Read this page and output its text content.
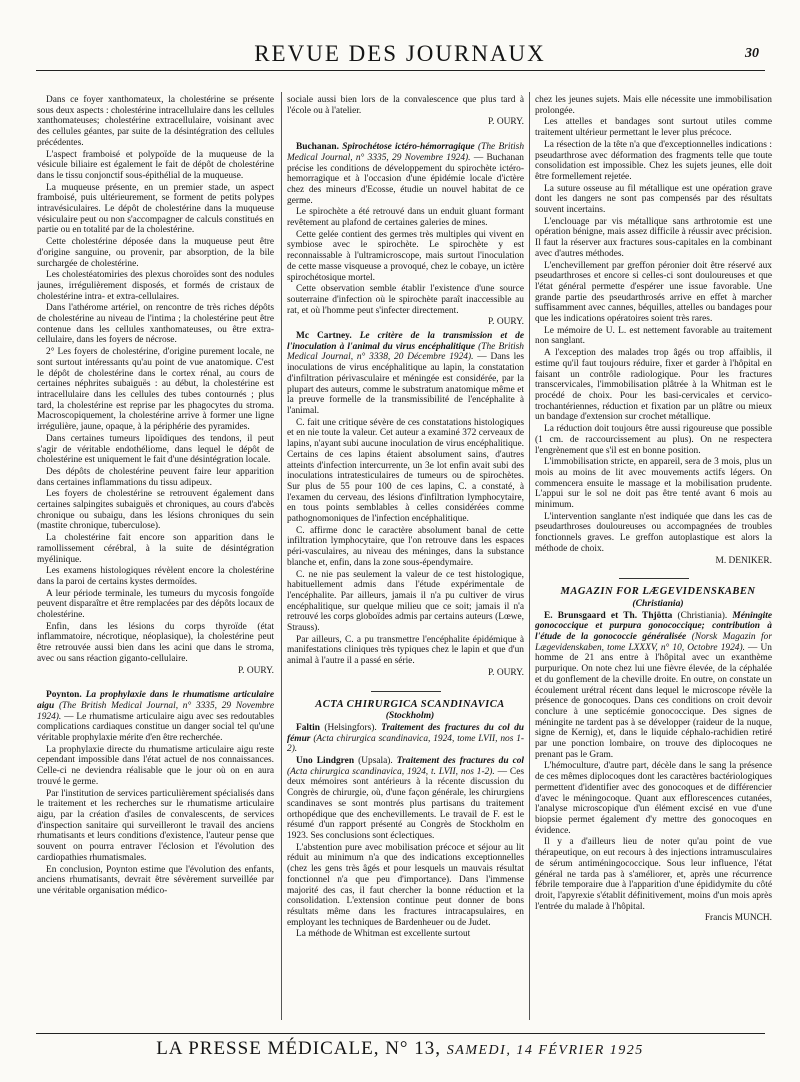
REVUE DES JOURNAUX	30

Dans ce foyer xanthomateux, la cholestérine se présente sous deux aspects : cholestérine intracellulaire dans les cellules xanthomateuses; cholestérine extracellulaire, voisinant avec des cellules géantes, par suite de la désintégration des cellules précédentes.

L'aspect framboisé et polypoïde de la muqueuse de la vésicule biliaire est également le fait de dépôt de cholestérine dans le tissu conjonctif sous-épithélial de la muqueuse.

La muqueuse présente, en un premier stade, un aspect framboisé, puis ultérieurement, se forment de petits polypes intravésiculaires. Le dépôt de cholestérine dans la muqueuse vésiculaire peut ou non s'accompagner de calculs constitués en partie ou en totalité par de la cholestérine.

Cette cholestérine déposée dans la muqueuse peut être d'origine sanguine, ou provenir, par absorption, de la bile surchargée de cholestérine.

Les cholestéatomiries des plexus choroïdes sont des nodules jaunes, irrégulièrement disposés, et formés de cristaux de cholestérine intra- et extra-cellulaires.

Dans l'athérome artériel, on rencontre de très riches dépôts de cholestérine au niveau de l'intima ; la cholestérine peut être contenue dans les cellules xanthomateuses, ou être extra-cellulaire, dans les foyers de nécrose.

2° Les foyers de cholestérine, d'origine purement locale, ne sont surtout intéressants qu'au point de vue anatomique. C'est le dépôt de cholestérine dans le cortex rénal, au cours de certaines néphrites subaiguës : au début, la cholestérine est intracellulaire dans les cellules des tubes contournés ; plus tard, la cholestérine est reprise par les phagocytes du stroma. Macroscopiquement, la cholestérine arrive à former une ligne irrégulière, jaune, opaque, à la périphérie des pyramides.

Dans certaines tumeurs lipoïdiques des tendons, il peut s'agir de véritable endothéliome, dans lequel le dépôt de cholestérine est uniquement le fait d'une désintégration locale.

Des dépôts de cholestérine peuvent faire leur apparition dans certaines inflammations du tissu adipeux.

Les foyers de cholestérine se retrouvent également dans certaines salpingites subaiguës et chroniques, au cours d'abcès chronique ou subaigu, dans les lésions chroniques du sein (mastite chronique, tuberculose).

La cholestérine fait encore son apparition dans le ramollissement cérébral, à la suite de désintégration myélinique.

Les examens histologiques révèlent encore la cholestérine dans la paroi de certains kystes dermoïdes.

A leur période terminale, les tumeurs du mycosis fongoïde peuvent disparaître et être remplacées par des dépôts locaux de cholestérine.

Enfin, dans les lésions du corps thyroïde (état inflammatoire, nécrotique, néoplasique), la cholestérine peut être retrouvée aussi bien dans les acini que dans le stroma, avec ou sans réaction giganto-cellulaire.

P. OURY.

Poynton. La prophylaxie dans le rhumatisme articulaire aigu (The British Medical Journal, n° 3335, 29 Novembre 1924). — Le rhumatisme articulaire aigu avec ses redoutables complications cardiaques constitue un danger social tel qu'une véritable prophylaxie mérite d'en être recherchée.

La prophylaxie directe du rhumatisme articulaire aigu reste cependant impossible dans l'état actuel de nos connaissances. Celle-ci ne deviendra réalisable que le jour où on en aura trouvé le germe.

Par l'institution de services particulièrement spécialisés dans le traitement et les recherches sur le rhumatisme articulaire aigu, par la création d'asiles de convalescents, de services d'inspection sanitaire qui surveilleront le travail des anciens rhumatisants et leurs conditions d'existence, l'auteur pense que souvent on pourra entraver l'éclosion et l'évolution des cardiopathies rhumatismales.

En conclusion, Poynton estime que l'évolution des enfants, anciens rhumatisants, devrait être sévèrement surveillée par une véritable organisation médico-

sociale aussi bien lors de la convalescence que plus tard à l'école ou à l'atelier.

P. OURY.

Buchanan. Spirochétose ictéro-hémorragique (The British Medical Journal, n° 3335, 29 Novembre 1924). — Buchanan précise les conditions de développement du spirochète ictéro-hemorragique et à l'occasion d'une épidémie locale d'ictère chez des mineurs d'Ecosse, étudie un nouvel habitat de ce germe.

Le spirochète a été retrouvé dans un enduit gluant formant revêtement au plafond de certaines galeries de mines.

Cette gelée contient des germes très multiples qui vivent en symbiose avec le spirochète. Le spirochète y est reconnaissable à l'ultramicroscope, mais surtout l'inoculation de cette masse visqueuse a provoqué, chez le cobaye, un ictère spirochétosique mortel.

Cette observation semble établir l'existence d'une source souterraine d'infection où le spirochète paraît inaccessible au rat, et où l'homme peut s'infecter directement.

P. OURY.

Mc Cartney. Le critère de la transmission et de l'inoculation à l'animal du virus encéphalitique (The British Medical Journal, n° 3338, 20 Décembre 1924). — Dans les inoculations de virus encéphalitique au lapin, la constatation d'infiltration périvasculaire et méningée est considérée, par la plupart des auteurs, comme le substratum anatomique même et la preuve formelle de la transmissibilité de l'encéphalite à l'animal.

C. fait une critique sévère de ces constatations histologiques et en nie toute la valeur. Cet auteur a examiné 372 cerveaux de lapins, n'ayant subi aucune inoculation de virus encéphalitique. Certains de ces lapins étaient absolument sains, d'autres atteints d'infection intercurrente, un 3e lot enfin avait subi des inoculations intratesticulaires de tumeurs ou de spirochètes. Sur plus de 55 pour 100 de ces lapins, C. a constaté, à l'examen du cerveau, des lésions d'infiltration lymphocytaire, en tous points semblables à celles considérées comme pathognomoniques de l'infection encéphalitique.

C. affirme donc le caractère absolument banal de cette infiltration lymphocytaire, que l'on retrouve dans les espaces péri-vasculaires, au niveau des méninges, dans la substance blanche et, enfin, dans la zone sous-épendymaire.

C. ne nie pas seulement la valeur de ce test histologique, habituellement admis dans l'étude expérimentale de l'encéphalite. Par ailleurs, jamais il n'a pu cultiver de virus encéphalitique, sur quelque milieu que ce soit; jamais il n'a retrouvé les corps globoïdes admis par certains auteurs (Lœwe, Strauss).

Par ailleurs, C. a pu transmettre l'encéphalite épidémique à manifestations cliniques très typiques chez le lapin et que d'un animal à l'autre il a passé en série.

P. OURY.

ACTA CHIRURGICA SCANDINAVICA

(Stockholm)

Faltin (Helsingfors). Traitement des fractures du col du fémur (Acta chirurgica scandinavica, 1924, tome LVII, nos 1-2).

Uno Lindgren (Upsala). Traitement des fractures du col (Acta chirurgica scandinavica, 1924, t. LVII, nos 1-2). — Ces deux mémoires sont antérieurs à la récente discussion du Congrès de chirurgie, où, d'une façon générale, les chirurgiens scandinaves se sont montrés plus partisans du traitement orthopédique que des enchevillements. Le travail de F. est le résumé d'un rapport présenté au Congrès de Stockholm en 1923. Ses conclusions sont éclectiques.

L'abstention pure avec mobilisation précoce et séjour au lit réduit au minimum n'a que des indications exceptionnelles (chez les gens très âgés et pour lesquels un mauvais résultat fonctionnel n'a que peu d'importance). Dans l'immense majorité des cas, il faut chercher la bonne réduction et la consolidation. L'extension continue peut donner de bons résultats même dans les fractures intracapsulaires, en employant les techniques de Bardenheuer ou de Judet.

La méthode de Whitman est excellente surtout

chez les jeunes sujets. Mais elle nécessite une immobilisation prolongée.

Les attelles et bandages sont surtout utiles comme traitement ultérieur permettant le lever plus précoce.

La résection de la tête n'a que d'exceptionnelles indications : pseudarthrose avec déformation des fragments telle que toute consolidation est impossible. Chez les sujets jeunes, elle doit être formellement rejetée.

La suture osseuse au fil métallique est une opération grave dont les dangers ne sont pas compensés par des résultats souvent incertains.

L'enclouage par vis métallique sans arthrotomie est une opération bénigne, mais assez difficile à réussir avec précision. Il faut la réserver aux fractures sous-capitales en la combinant avec d'autres méthodes.

L'enchevillement par greffon péronier doit être réservé aux pseudarthroses et encore si celles-ci sont douloureuses et que l'état général permette d'espérer une issue favorable. Une grande partie des pseudarthrosés arrive en effet à marcher suffisamment avec cannes, béquilles, attelles ou bandages pour que les indications opératoires soient très rares.

Le mémoire de U. L. est nettement favorable au traitement non sanglant.

A l'exception des malades trop âgés ou trop affaiblis, il estime qu'il faut toujours réduire, fixer et garder à l'hôpital en faisant un contrôle radiologique. Pour les fractures transcervicales, l'immobilisation plâtrée à la Whitman est le procédé de choix. Pour les basi-cervicales et cervico-trochantériennes, réduction et fixation par un plâtre ou mieux un bandage d'extension sur crochet métallique.

La réduction doit toujours être aussi rigoureuse que possible (1 cm. de raccourcissement au plus). On ne respectera l'engrènement que s'il est en bonne position.

L'immobilisation stricte, en appareil, sera de 3 mois, plus un mois au moins de lit avec mouvements actifs légers. On commencera ensuite le massage et la mobilisation prudente. L'appui sur le sol ne doit pas être tenté avant 6 mois au minimum.

L'intervention sanglante n'est indiquée que dans les cas de pseudarthroses douloureuses ou accompagnées de troubles fonctionnels graves. Le greffon autoplastique est alors la méthode de choix.

M. DENIKER.

MAGAZIN FOR LÆGEVIDENSKABEN

(Christiania)

E. Brunsgaard et Th. Thjötta (Christiania). Méningite gonococcique et purpura gonococcique; contribution à l'étude de la gonococcie généralisée (Norsk Magazin for Lægevidenskaben, tome LXXXV, n° 10, Octobre 1924). — Un homme de 21 ans entre à l'hôpital avec un exanthème purpurique. On note chez lui une fièvre élevée, de la céphalée et du gonflement de la cheville droite. En outre, on constate un écoulement urétral récent dans lequel le microscope révèle la présence de gonocoques. Dans ces conditions on croit devoir conclure à une septicémie gonococcique. Des signes de méningite ne tardent pas à se développer (raideur de la nuque, signe de Kernig), et, dans le liquide céphalo-rachidien retiré par une ponction lombaire, on trouve des diplocoques ne prenant pas le Gram.

L'hémoculture, d'autre part, décèle dans le sang la présence de ces mêmes diplocoques dont les caractères bactériologiques permettent d'identifier avec des gonocoques et de différencier d'avec le méningocoque. Quant aux efflorescences cutanées, l'analyse microscopique d'un élément excisé en vue d'une biopsie permet également d'y mettre des gonocoques en évidence.

Il y a d'ailleurs lieu de noter qu'au point de vue thérapeutique, on eut recours à des injections intramusculaires de sérum antiméningococcique. Sous leur influence, l'état général ne tarda pas à s'améliorer, et, après une récurrence fébrile temporaire due à l'apparition d'une épididymite du côté droit, l'apyrexie s'établit définitivement, moins d'un mois après l'entrée du malade à l'hôpital.

Francis MUNCH.

LA PRESSE MÉDICALE, N° 13, SAMEDI, 14 FÉVRIER 1925
